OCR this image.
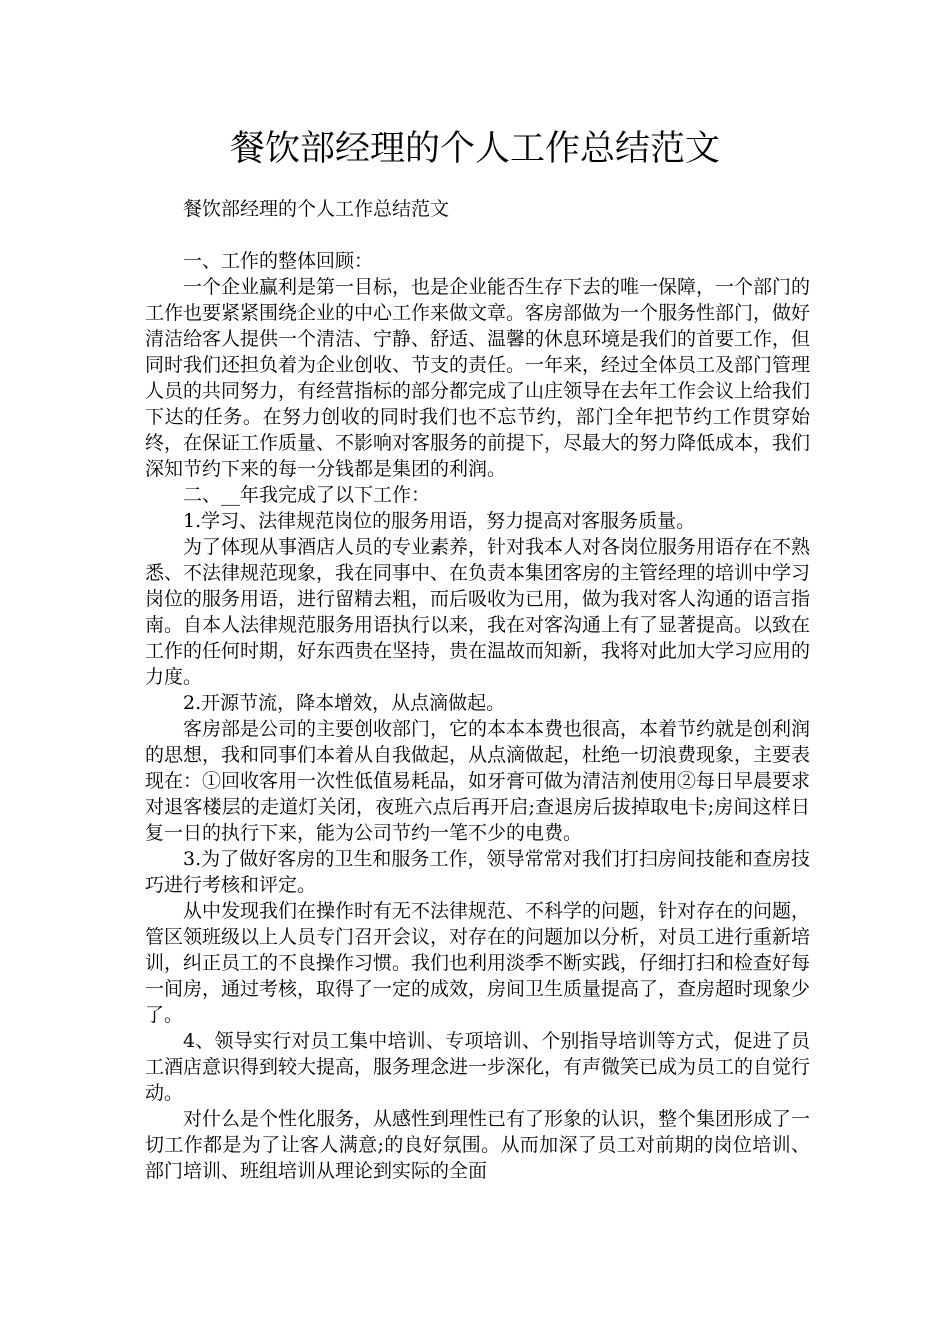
餐饮部经理的个人工作总结范文

餐饮部经理的个人工作总结范文

一、工作的整体回顾：

一个企业赢利是第一目标，也是企业能否生存下去的唯一保障，一个部门的工作也要紧紧围绕企业的中心工作来做文章。客房部做为一个服务性部门，做好清洁给客人提供一个清洁、宁静、舒适、温馨的休息环境是我们的首要工作，但同时我们还担负着为企业创收、节支的责任。一年来，经过全体员工及部门管理人员的共同努力，有经营指标的部分都完成了山庄领导在去年工作会议上给我们下达的任务。在努力创收的同时我们也不忘节约，部门全年把节约工作贯穿始终，在保证工作质量、不影响对客服务的前提下，尽最大的努力降低成本，我们深知节约下来的每一分钱都是集团的利润。

二、__年我完成了以下工作：

1.学习、法律规范岗位的服务用语，努力提高对客服务质量。

为了体现从事酒店人员的专业素养，针对我本人对各岗位服务用语存在不熟悉、不法律规范现象，我在同事中、在负责本集团客房的主管经理的培训中学习岗位的服务用语，进行留精去粗，而后吸收为已用，做为我对客人沟通的语言指南。自本人法律规范服务用语执行以来，我在对客沟通上有了显著提高。以致在工作的任何时期，好东西贵在坚持，贵在温故而知新，我将对此加大学习应用的力度。

2.开源节流，降本增效，从点滴做起。

客房部是公司的主要创收部门，它的本本本费也很高，本着节约就是创利润的思想，我和同事们本着从自我做起，从点滴做起，杜绝一切浪费现象，主要表现在：①回收客用一次性低值易耗品，如牙膏可做为清洁剂使用②每日早晨要求对退客楼层的走道灯关闭，夜班六点后再开启;查退房后拔掉取电卡;房间这样日复一日的执行下来，能为公司节约一笔不少的电费。

3.为了做好客房的卫生和服务工作，领导常常对我们打扫房间技能和查房技巧进行考核和评定。

从中发现我们在操作时有无不法律规范、不科学的问题，针对存在的问题，管区领班级以上人员专门召开会议，对存在的问题加以分析，对员工进行重新培训，纠正员工的不良操作习惯。我们也利用淡季不断实践，仔细打扫和检查好每一间房，通过考核，取得了一定的成效，房间卫生质量提高了，查房超时现象少了。

4、领导实行对员工集中培训、专项培训、个别指导培训等方式，促进了员工酒店意识得到较大提高，服务理念进一步深化，有声微笑已成为员工的自觉行动。

对什么是个性化服务，从感性到理性已有了形象的认识，整个集团形成了一切工作都是为了让客人满意;的良好氛围。从而加深了员工对前期的岗位培训、部门培训、班组培训从理论到实际的全面
